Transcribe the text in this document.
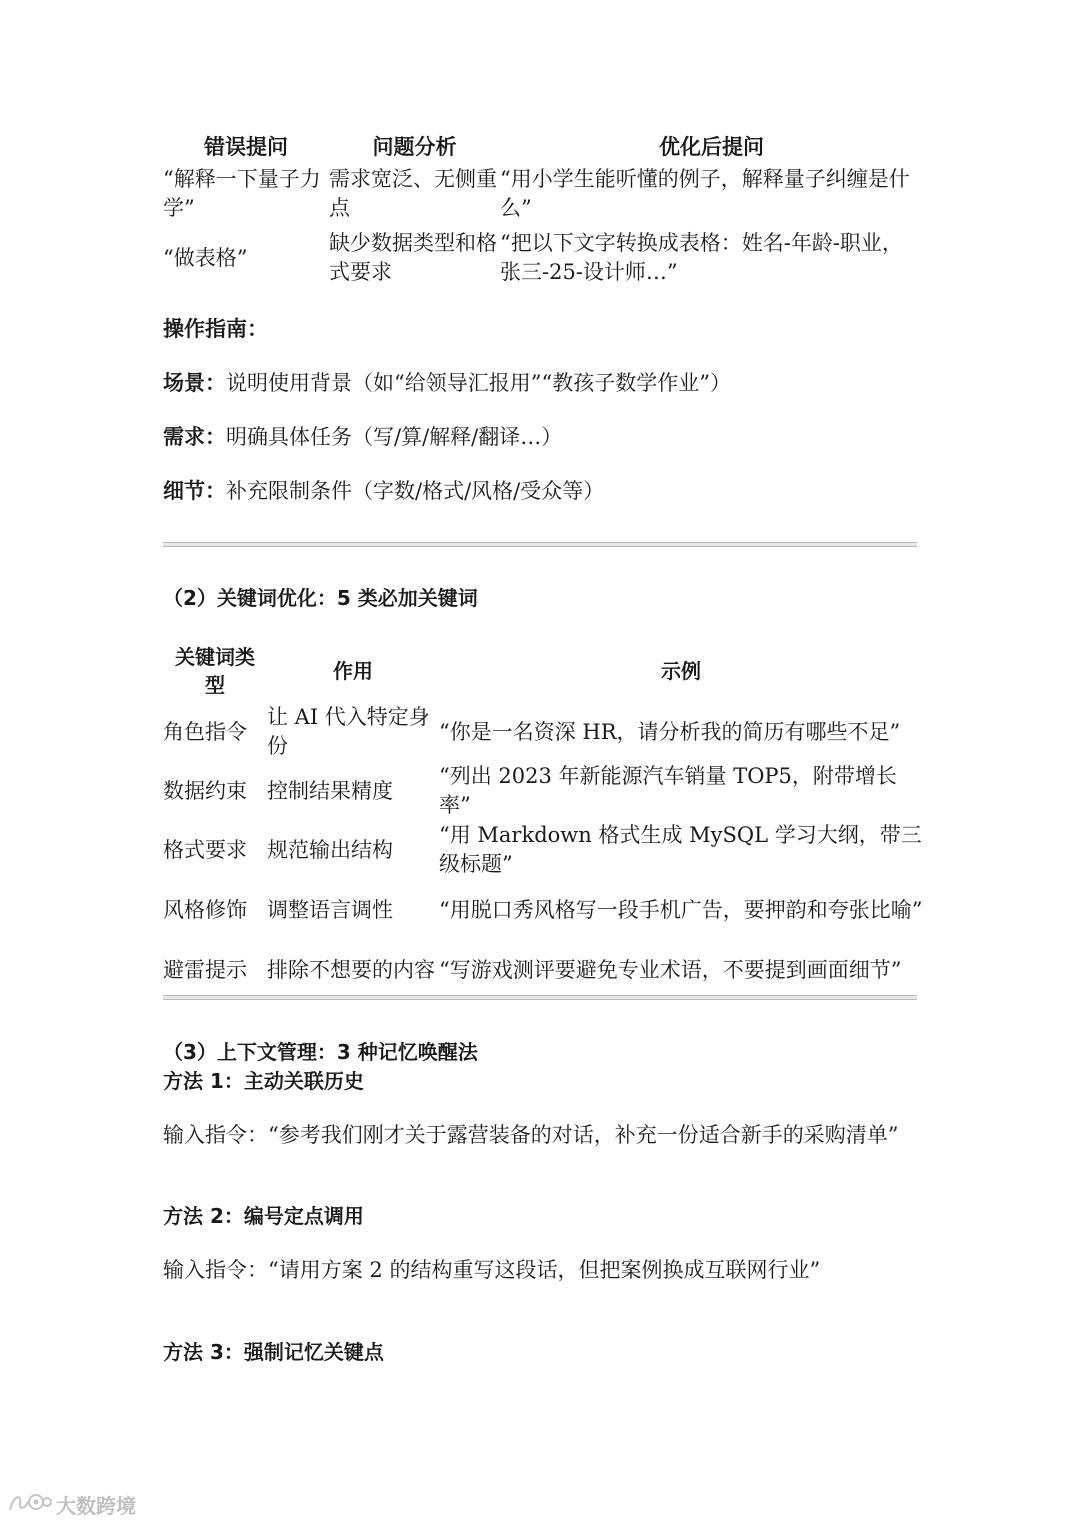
错误提问	问题分析	优化后提问
“解释一下量子力学”	需求宽泛、无侧重点	“用小学生能听懂的例子，解释量子纠缠是什么”
“做表格”	缺少数据类型和格式要求	“把以下文字转换成表格：姓名-年龄-职业，张三-25-设计师…”
操作指南：
场景：说明使用背景（如“给领导汇报用”“教孩子数学作业”）
需求：明确具体任务（写/算/解释/翻译…）
细节：补充限制条件（字数/格式/风格/受众等）
（2）关键词优化：5 类必加关键词
关键词类型	作用	示例
角色指令	让 AI 代入特定身份	“你是一名资深 HR，请分析我的简历有哪些不足”
数据约束	控制结果精度	“列出 2023 年新能源汽车销量 TOP5，附带增长率”
格式要求	规范输出结构	“用 Markdown 格式生成 MySQL 学习大纲，带三级标题”
风格修饰	调整语言调性	“用脱口秀风格写一段手机广告，要押韵和夸张比喻”
避雷提示	排除不想要的内容	“写游戏测评要避免专业术语，不要提到画面细节”
（3）上下文管理：3 种记忆唤醒法
方法 1：主动关联历史
输入指令：“参考我们刚才关于露营装备的对话，补充一份适合新手的采购清单”
方法 2：编号定点调用
输入指令：“请用方案 2 的结构重写这段话，但把案例换成互联网行业”
方法 3：强制记忆关键点
大数跨境
